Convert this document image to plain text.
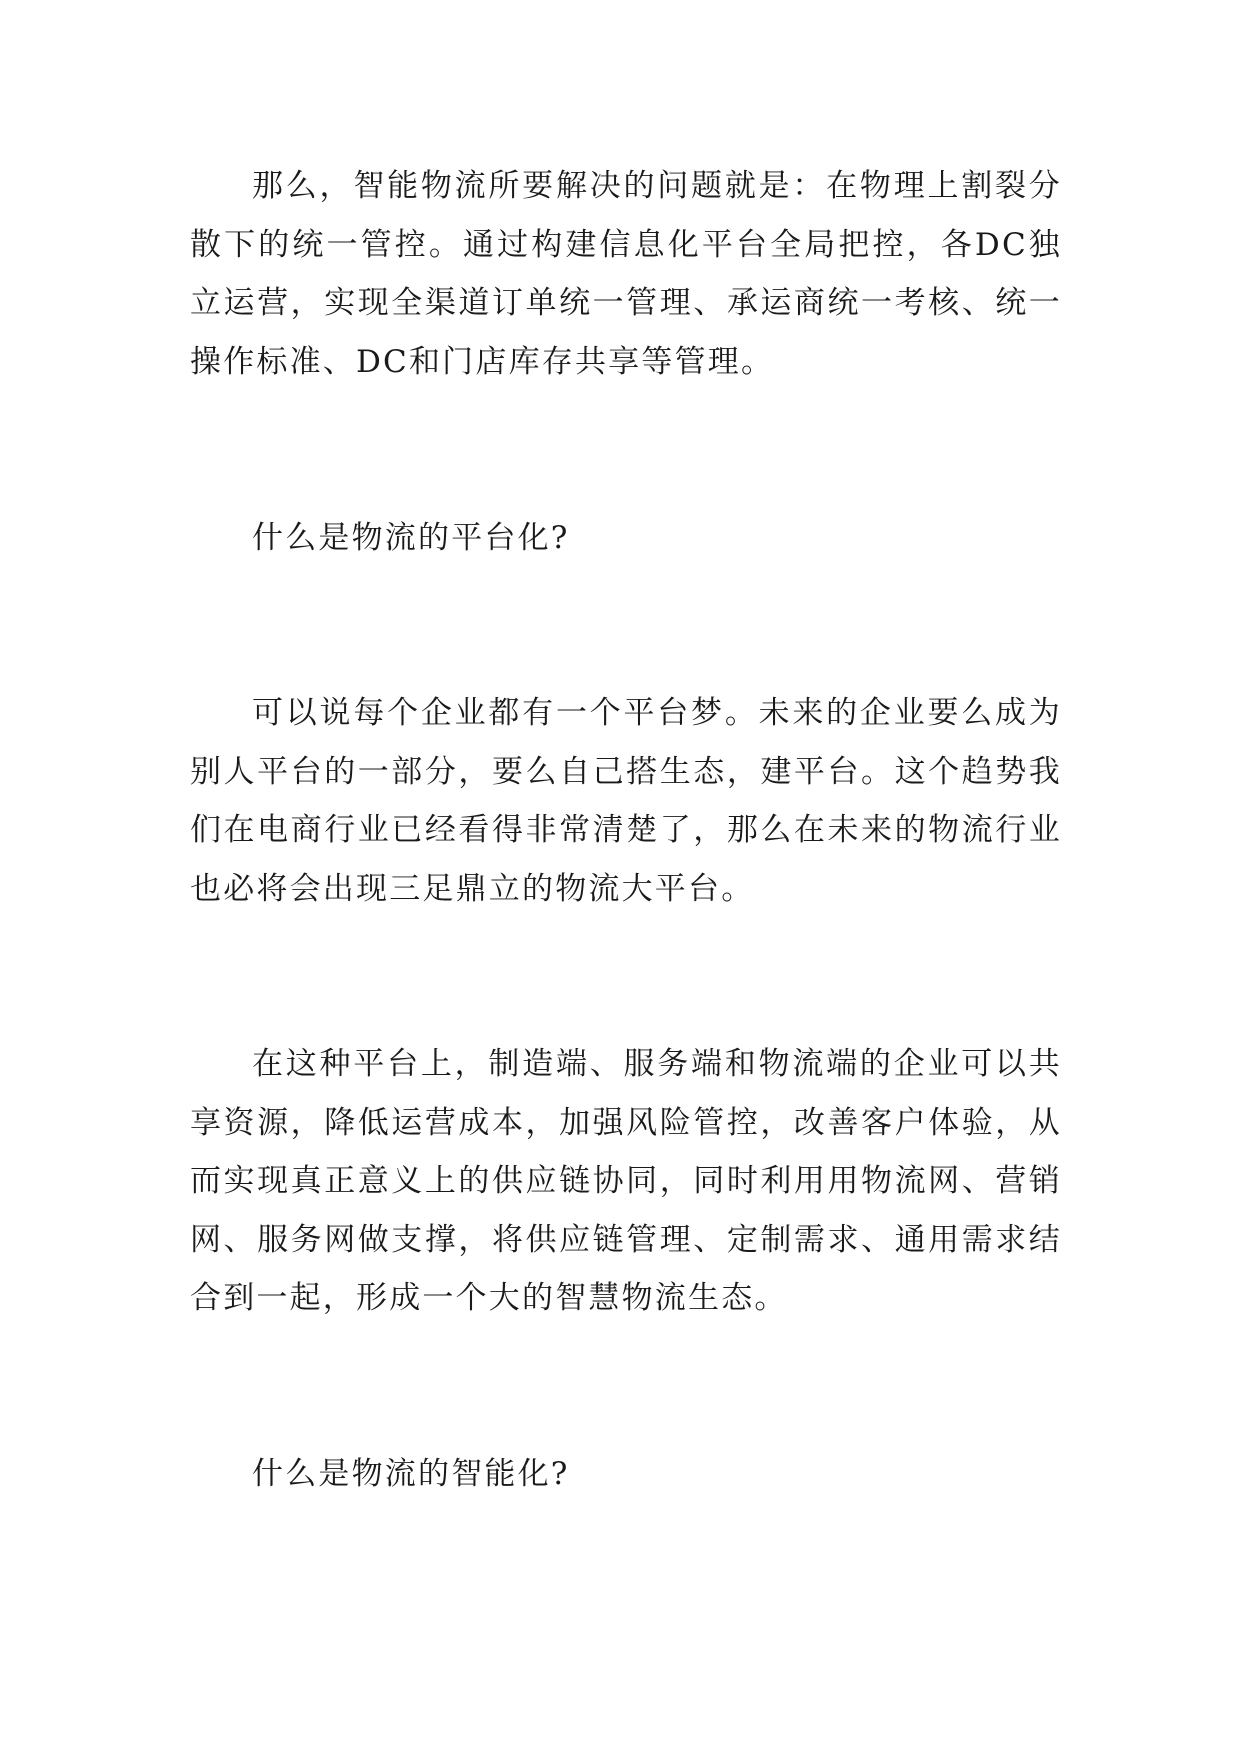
那么，智能物流所要解决的问题就是：在物理上割裂分散下的统一管控。通过构建信息化平台全局把控，各DC独立运营，实现全渠道订单统一管理、承运商统一考核、统一操作标准、DC和门店库存共享等管理。

什么是物流的平台化?

可以说每个企业都有一个平台梦。未来的企业要么成为别人平台的一部分，要么自己搭生态，建平台。这个趋势我们在电商行业已经看得非常清楚了，那么在未来的物流行业也必将会出现三足鼎立的物流大平台。

在这种平台上，制造端、服务端和物流端的企业可以共享资源，降低运营成本，加强风险管控，改善客户体验，从而实现真正意义上的供应链协同，同时利用用物流网、营销网、服务网做支撑，将供应链管理、定制需求、通用需求结合到一起，形成一个大的智慧物流生态。

什么是物流的智能化?
